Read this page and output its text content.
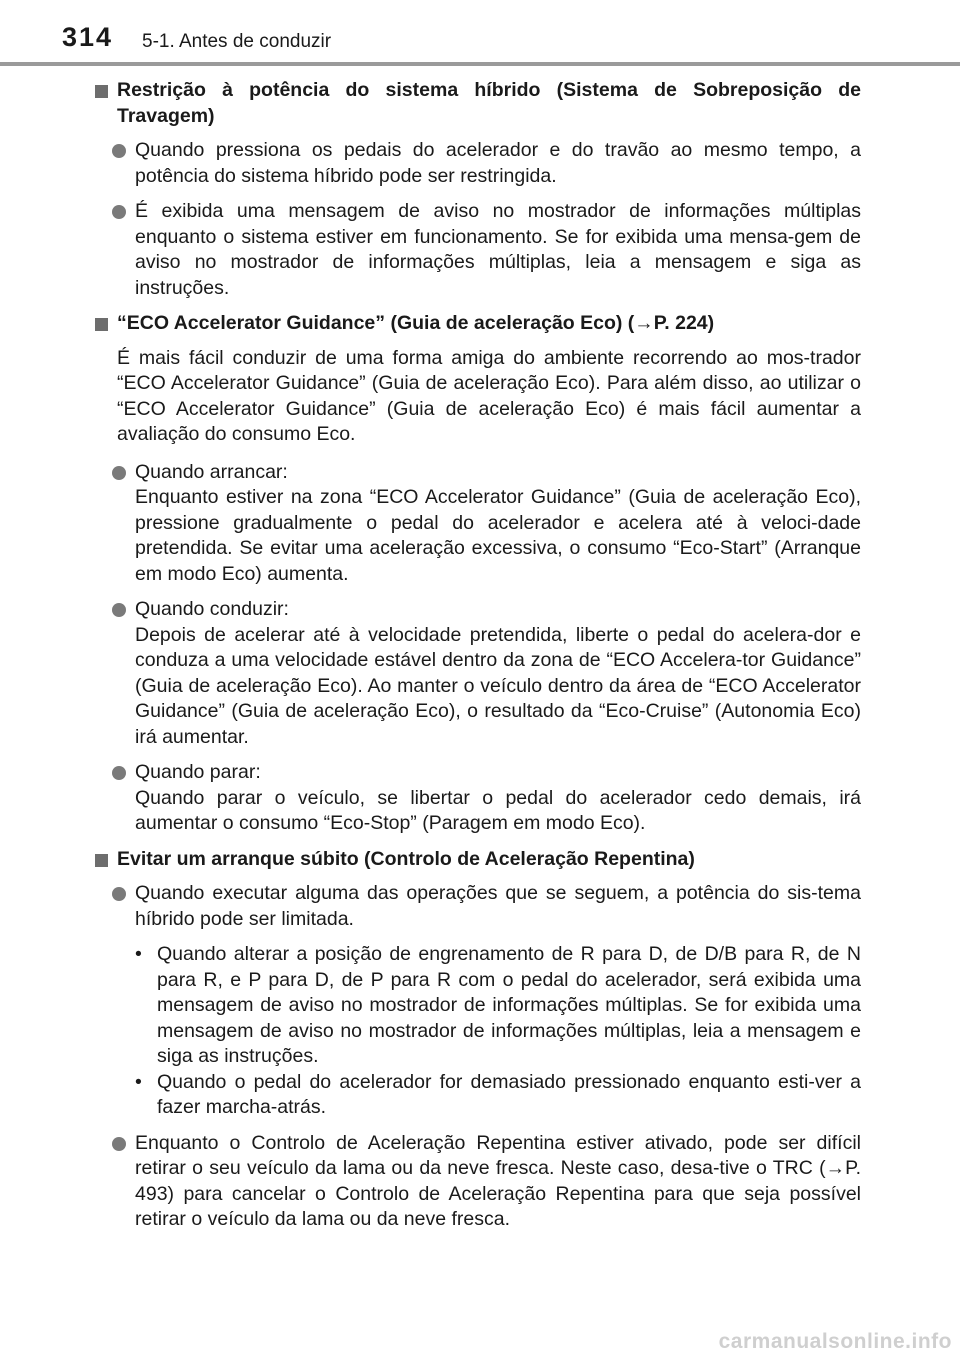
314 5-1. Antes de conduzir
Restrição à potência do sistema híbrido (Sistema de Sobreposição de Travagem)
Quando pressiona os pedais do acelerador e do travão ao mesmo tempo, a potência do sistema híbrido pode ser restringida.
É exibida uma mensagem de aviso no mostrador de informações múltiplas enquanto o sistema estiver em funcionamento. Se for exibida uma mensa-gem de aviso no mostrador de informações múltiplas, leia a mensagem e siga as instruções.
“ECO Accelerator Guidance” (Guia de aceleração Eco) (→P. 224)
É mais fácil conduzir de uma forma amiga do ambiente recorrendo ao mos-trador “ECO Accelerator Guidance” (Guia de aceleração Eco). Para além disso, ao utilizar o “ECO Accelerator Guidance” (Guia de aceleração Eco) é mais fácil aumentar a avaliação do consumo Eco.
Quando arrancar:
Enquanto estiver na zona “ECO Accelerator Guidance” (Guia de aceleração Eco), pressione gradualmente o pedal do acelerador e acelera até à veloci-dade pretendida. Se evitar uma aceleração excessiva, o consumo “Eco-Start” (Arranque em modo Eco) aumenta.
Quando conduzir:
Depois de acelerar até à velocidade pretendida, liberte o pedal do acelera-dor e conduza a uma velocidade estável dentro da zona de “ECO Accelera-tor Guidance” (Guia de aceleração Eco). Ao manter o veículo dentro da área de “ECO Accelerator Guidance” (Guia de aceleração Eco), o resultado da “Eco-Cruise” (Autonomia Eco) irá aumentar.
Quando parar:
Quando parar o veículo, se libertar o pedal do acelerador cedo demais, irá aumentar o consumo “Eco-Stop” (Paragem em modo Eco).
Evitar um arranque súbito (Controlo de Aceleração Repentina)
Quando executar alguma das operações que se seguem, a potência do sis-tema híbrido pode ser limitada.
• Quando alterar a posição de engrenamento de R para D, de D/B para R, de N para R, e P para D, de P para R com o pedal do acelerador, será exibida uma mensagem de aviso no mostrador de informações múltiplas. Se for exibida uma mensagem de aviso no mostrador de informações múltiplas, leia a mensagem e siga as instruções.
• Quando o pedal do acelerador for demasiado pressionado enquanto esti-ver a fazer marcha-atrás.
Enquanto o Controlo de Aceleração Repentina estiver ativado, pode ser difícil retirar o seu veículo da lama ou da neve fresca. Neste caso, desa-tive o TRC (→P. 493) para cancelar o Controlo de Aceleração Repentina para que seja possível retirar o veículo da lama ou da neve fresca.
carmanualsonline.info
